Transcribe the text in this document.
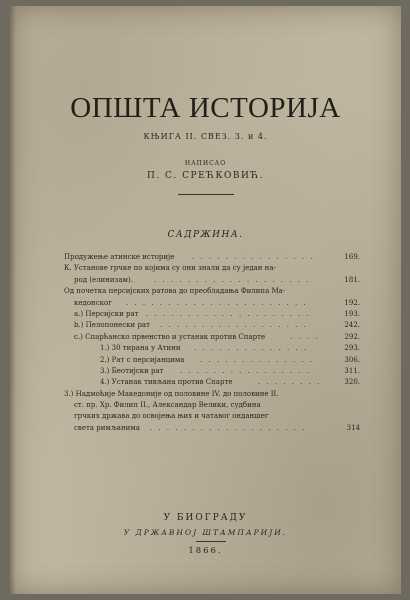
ОПШТА ИСТОРИЈА
КЊИГА II. СВЕЗ. 3. и 4.
НАПИСАО
П. С. СРЕЋКОВИЋ.
САДРЖИНА.
Продужење атинске историје	. . . . . . . . . . . . . . .	169.
К. Установе грчке по којима су они знали да су један на-
род (елинизам).	. . . . . . . . . . . . . . . . . . .	181.
Од почетка персијских ратова до преобладања Филипа Ма-
кедонског . . . . . . . . . . . . . . . . . . . . . .	192.
а.) Персијски рат . . . . . . . . . . . . . . . . . . . .	193.
b.) Пелопонески рат . . . . . . . . . . . . . . . . . .	242.
c.) Спарћанско првенство и устанак против Спарте	. . . .	292.
1.) 30 тирана у Атини . . . . . . . . . . . . . .	293.
2.) Рат с персијанцима . . . . . . . . . . . . . .	306.
3.) Беотијски рат . . . . . . . . . . . . . . . .	311.
4.) Устанак тивљана против Спарте	. . . . . . . .	320.
3.) Надмоћије Македоније од половине IV. до половине II.
ст. пр. Хр. Филип II., Александар Велики, судбина
грчких држава до освојења њих и чатавог онданшег
света римљанима . . . . . . . . . . . . . . . . . . .	314
У БИОГРАДУ
У ДРЖАВНОЈ ШТАМПАРИЈИ.
1866.
